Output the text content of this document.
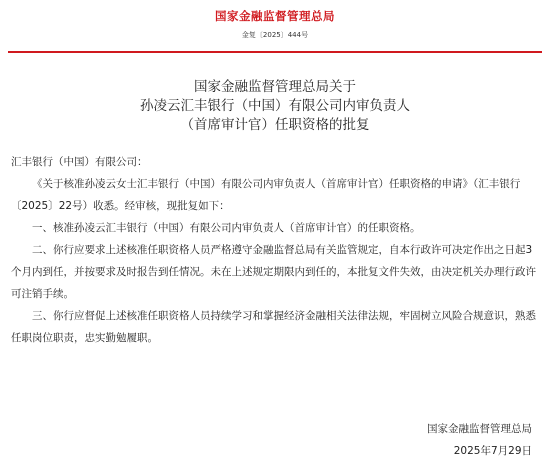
国家金融监督管理总局
金复〔2025〕444号
国家金融监督管理总局关于
孙凌云汇丰银行（中国）有限公司内审负责人
（首席审计官）任职资格的批复

汇丰银行（中国）有限公司：

《关于核准孙凌云女士汇丰银行（中国）有限公司内审负责人（首席审计官）任职资格的申请》（汇丰银行〔2025〕22号）收悉。经审核，现批复如下：

一、核准孙凌云汇丰银行（中国）有限公司内审负责人（首席审计官）的任职资格。

二、你行应要求上述核准任职资格人员严格遵守金融监督总局有关监管规定，自本行政许可决定作出之日起3个月内到任，并按要求及时报告到任情况。未在上述规定期限内到任的，本批复文件失效，由决定机关办理行政许可注销手续。

三、你行应督促上述核准任职资格人员持续学习和掌握经济金融相关法律法规，牢固树立风险合规意识，熟悉任职岗位职责，忠实勤勉履职。

国家金融监督管理总局
2025年7月29日
